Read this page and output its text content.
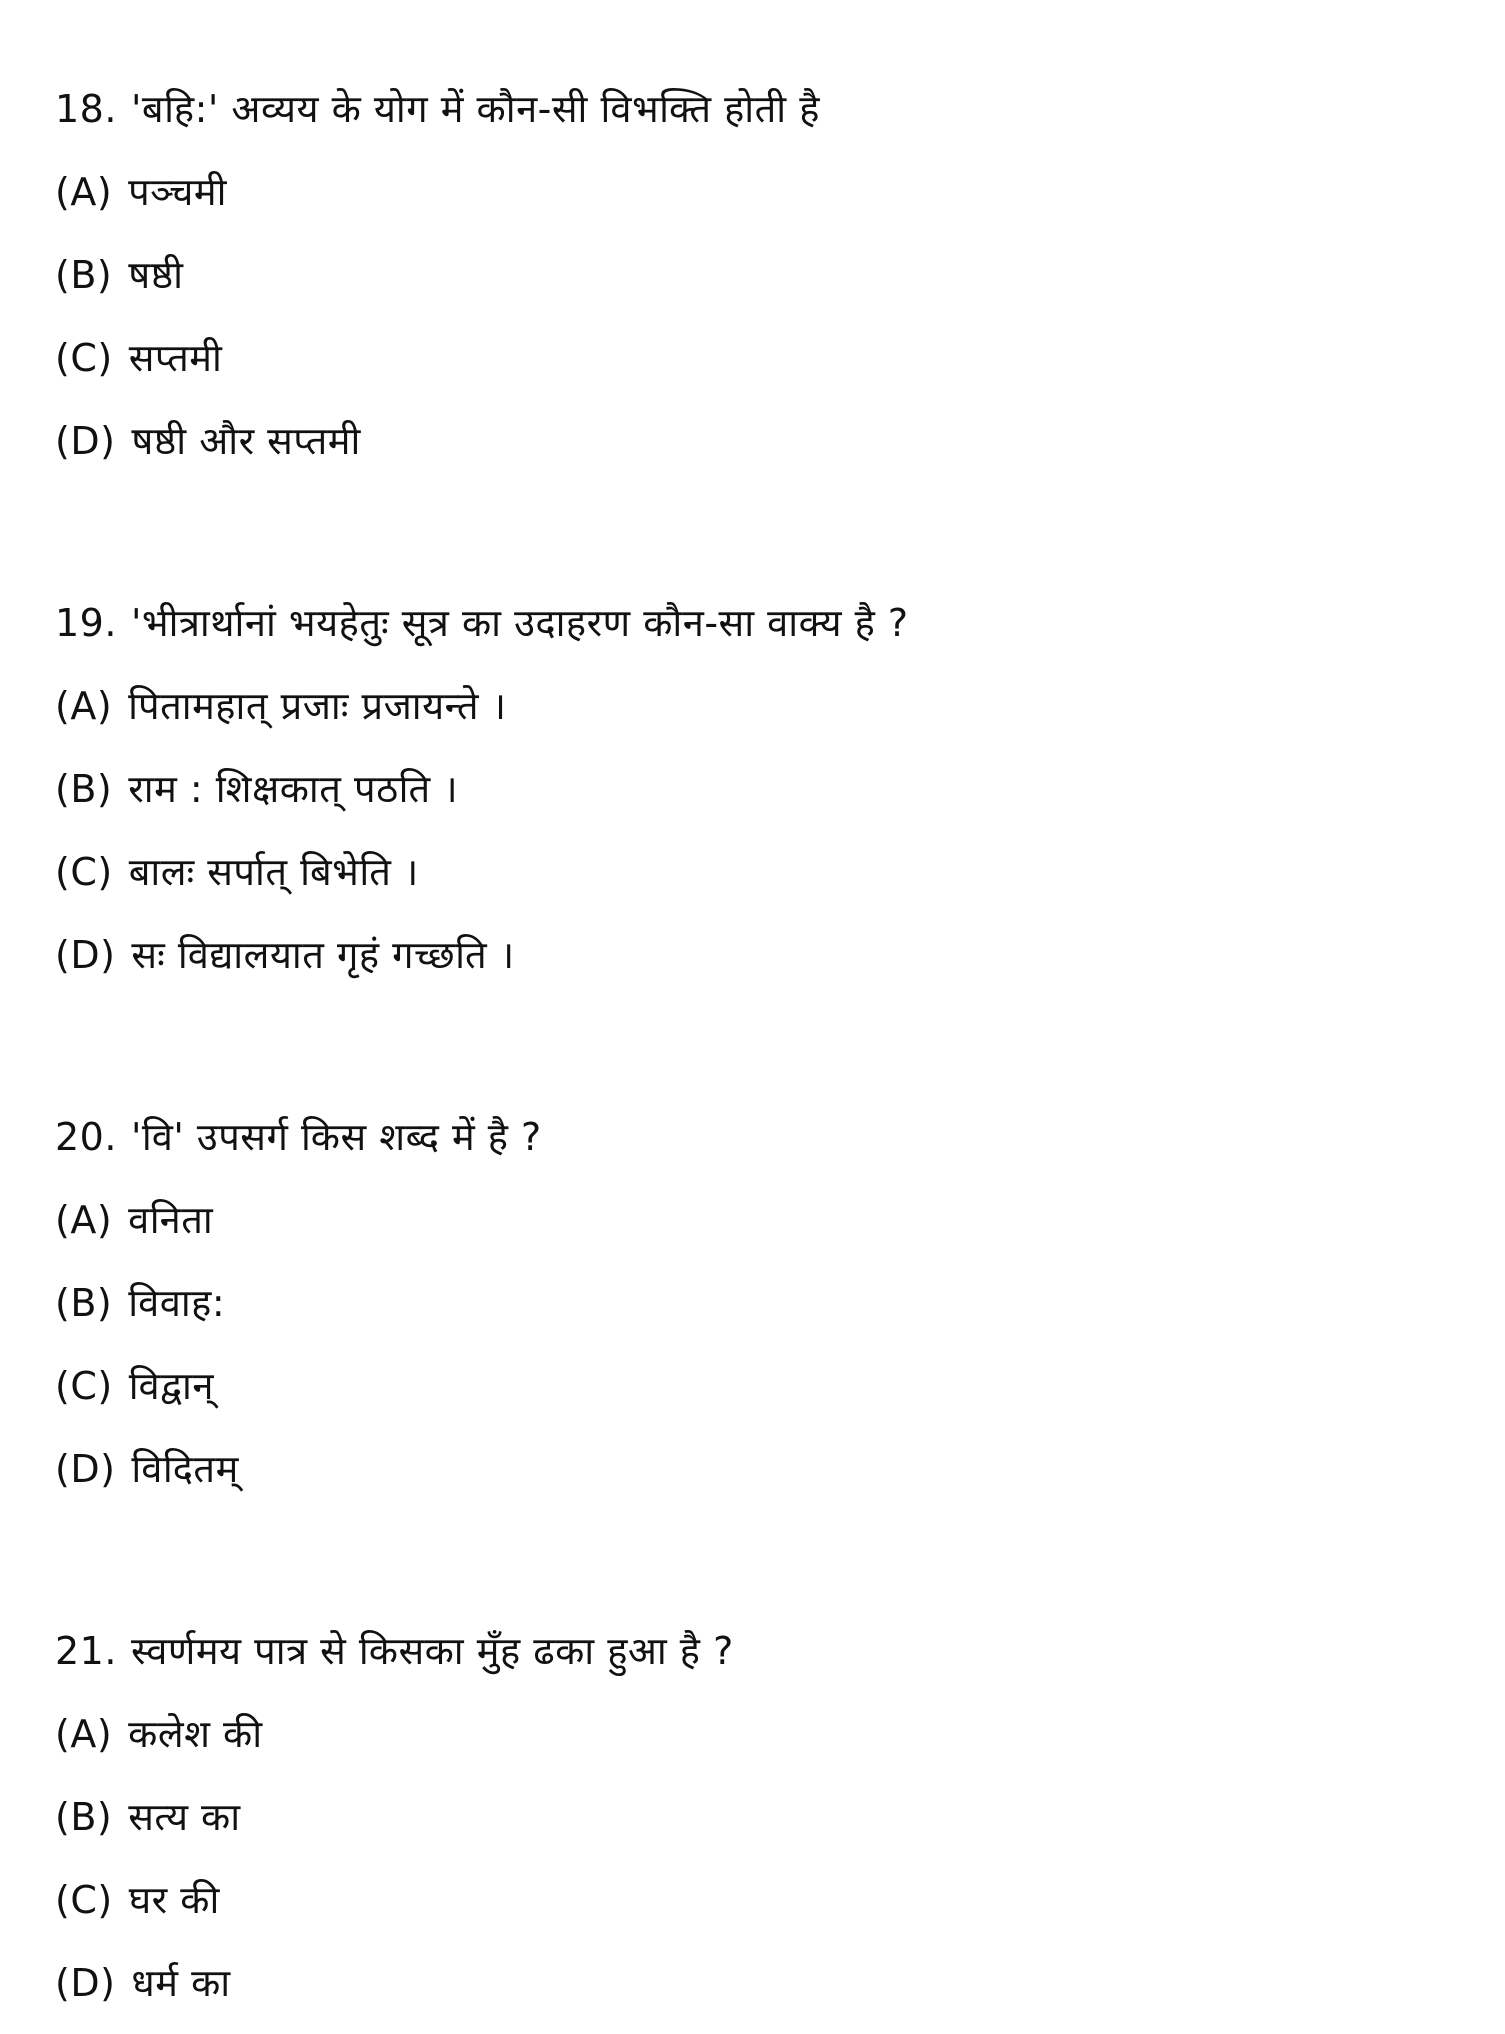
18. 'बहि:' अव्यय के योग में कौन-सी विभक्ति होती है
(A) पञ्चमी
(B) षष्ठी
(C) सप्तमी
(D) षष्ठी और सप्तमी
19. 'भीत्रार्थानां भयहेतुः सूत्र का उदाहरण कौन-सा वाक्य है ?
(A) पितामहात् प्रजाः प्रजायन्ते ।
(B) राम : शिक्षकात् पठति ।
(C) बालः सर्पात् बिभेति ।
(D) सः विद्यालयात गृहं गच्छति ।
20. 'वि' उपसर्ग किस शब्द में है ?
(A) वनिता
(B) विवाह:
(C) विद्वान्
(D) विदितम्
21. स्वर्णमय पात्र से किसका मुँह ढका हुआ है ?
(A) कलेश की
(B) सत्य का
(C) घर की
(D) धर्म का
